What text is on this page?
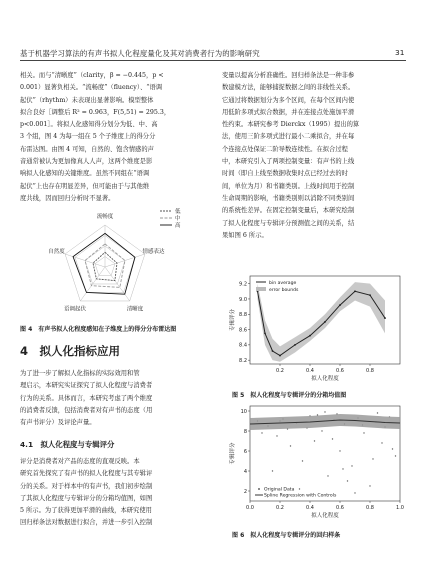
基于机器学习算法的有声书拟人化程度量化及其对消费者行为的影响研究	31

相关。而与“清晰度”（clarity，β = −0.445，p <

0.001）显著负相关。“流畅度”（fluency）、“语调

起伏”（rhythm）未表现出显著影响。模型整体

拟合良好［调整后 R² = 0.963，F(5,51) = 295.3，

p<0.001］。将拟人化感知得分划分为低、中、高

3 个组，图 4 为每一组在 5 个子维度上的得分分

布雷达图。由图 4 可知，自然的、饱含情感的声

音通常被认为更加像真人人声，这两个维度是影

响拟人化感知的关键维度。虽然不同组在“语调

起伏”上也存在明显差异，但可能由于与其他维

度共线，因而回归分析时不显著。

流畅度
情感表达
清晰度
语调起伏
自然度
低
中
高
图 4　有声书拟人化程度感知在子维度上的得分分布雷达图
4　拟人化指标应用

为了进一步了解拟人化指标的实际效用和管

理启示，本研究实证探究了拟人化程度与消费者

行为的关系。具体而言，本研究考虑了两个维度

的消费者反馈，包括消费者对有声书的态度（用

有声书评分）及评论声量。

4.1　拟人化程度与专辑评分

评分是消费者对产品的态度的直观反映。本

研究首先探究了有声书的拟人化程度与其专辑评

分的关系。对于样本中的有声书，我们初步绘制

了其拟人化程度与专辑评分的分箱均值图，如图

5 所示。为了获得更加平滑的曲线，本研究使用

回归样条法对数据进行拟合，并进一步引入控制

变量以提高分析准确性。回归样条法是一种非参

数建模方法，能够捕捉数据之间的非线性关系。

它通过将数据划分为多个区间，在每个区间内使

用低阶多项式拟合数据，并在连接点处施加平滑

性约束。本研究参考 Dierckx（1995）提出的算

法，使用三阶多项式进行最小二乘拟合，并在每

个连接点处保证二阶导数连续性。在拟合过程

中，本研究引入了两项控制变量：有声书的上线

时间（即自上线至数据收集时点已经过去的时

间，单位为月）和书籍类别。上线时间用于控制

生命周期的影响，书籍类别则以消除不同类别间

的系统性差异。在固定控制变量后，本研究绘制

了拟人化程度与专辑评分预测值之间的关系，结

果如图 6 所示。

0.2	0.4	0.6	0.8
8.2
8.4
8.6
8.8
9.0
9.2
拟人化程度
专辑评分
bin average
error bounds
图 5　拟人化程度与专辑评分的分箱均值图
0.0	0.2	0.4	0.6	0.8	1.0
2
4
6
8
10
拟人化程度
专辑评分
Original Data
Spline Regression with Controls
图 6　拟人化程度与专辑评分的回归样条
